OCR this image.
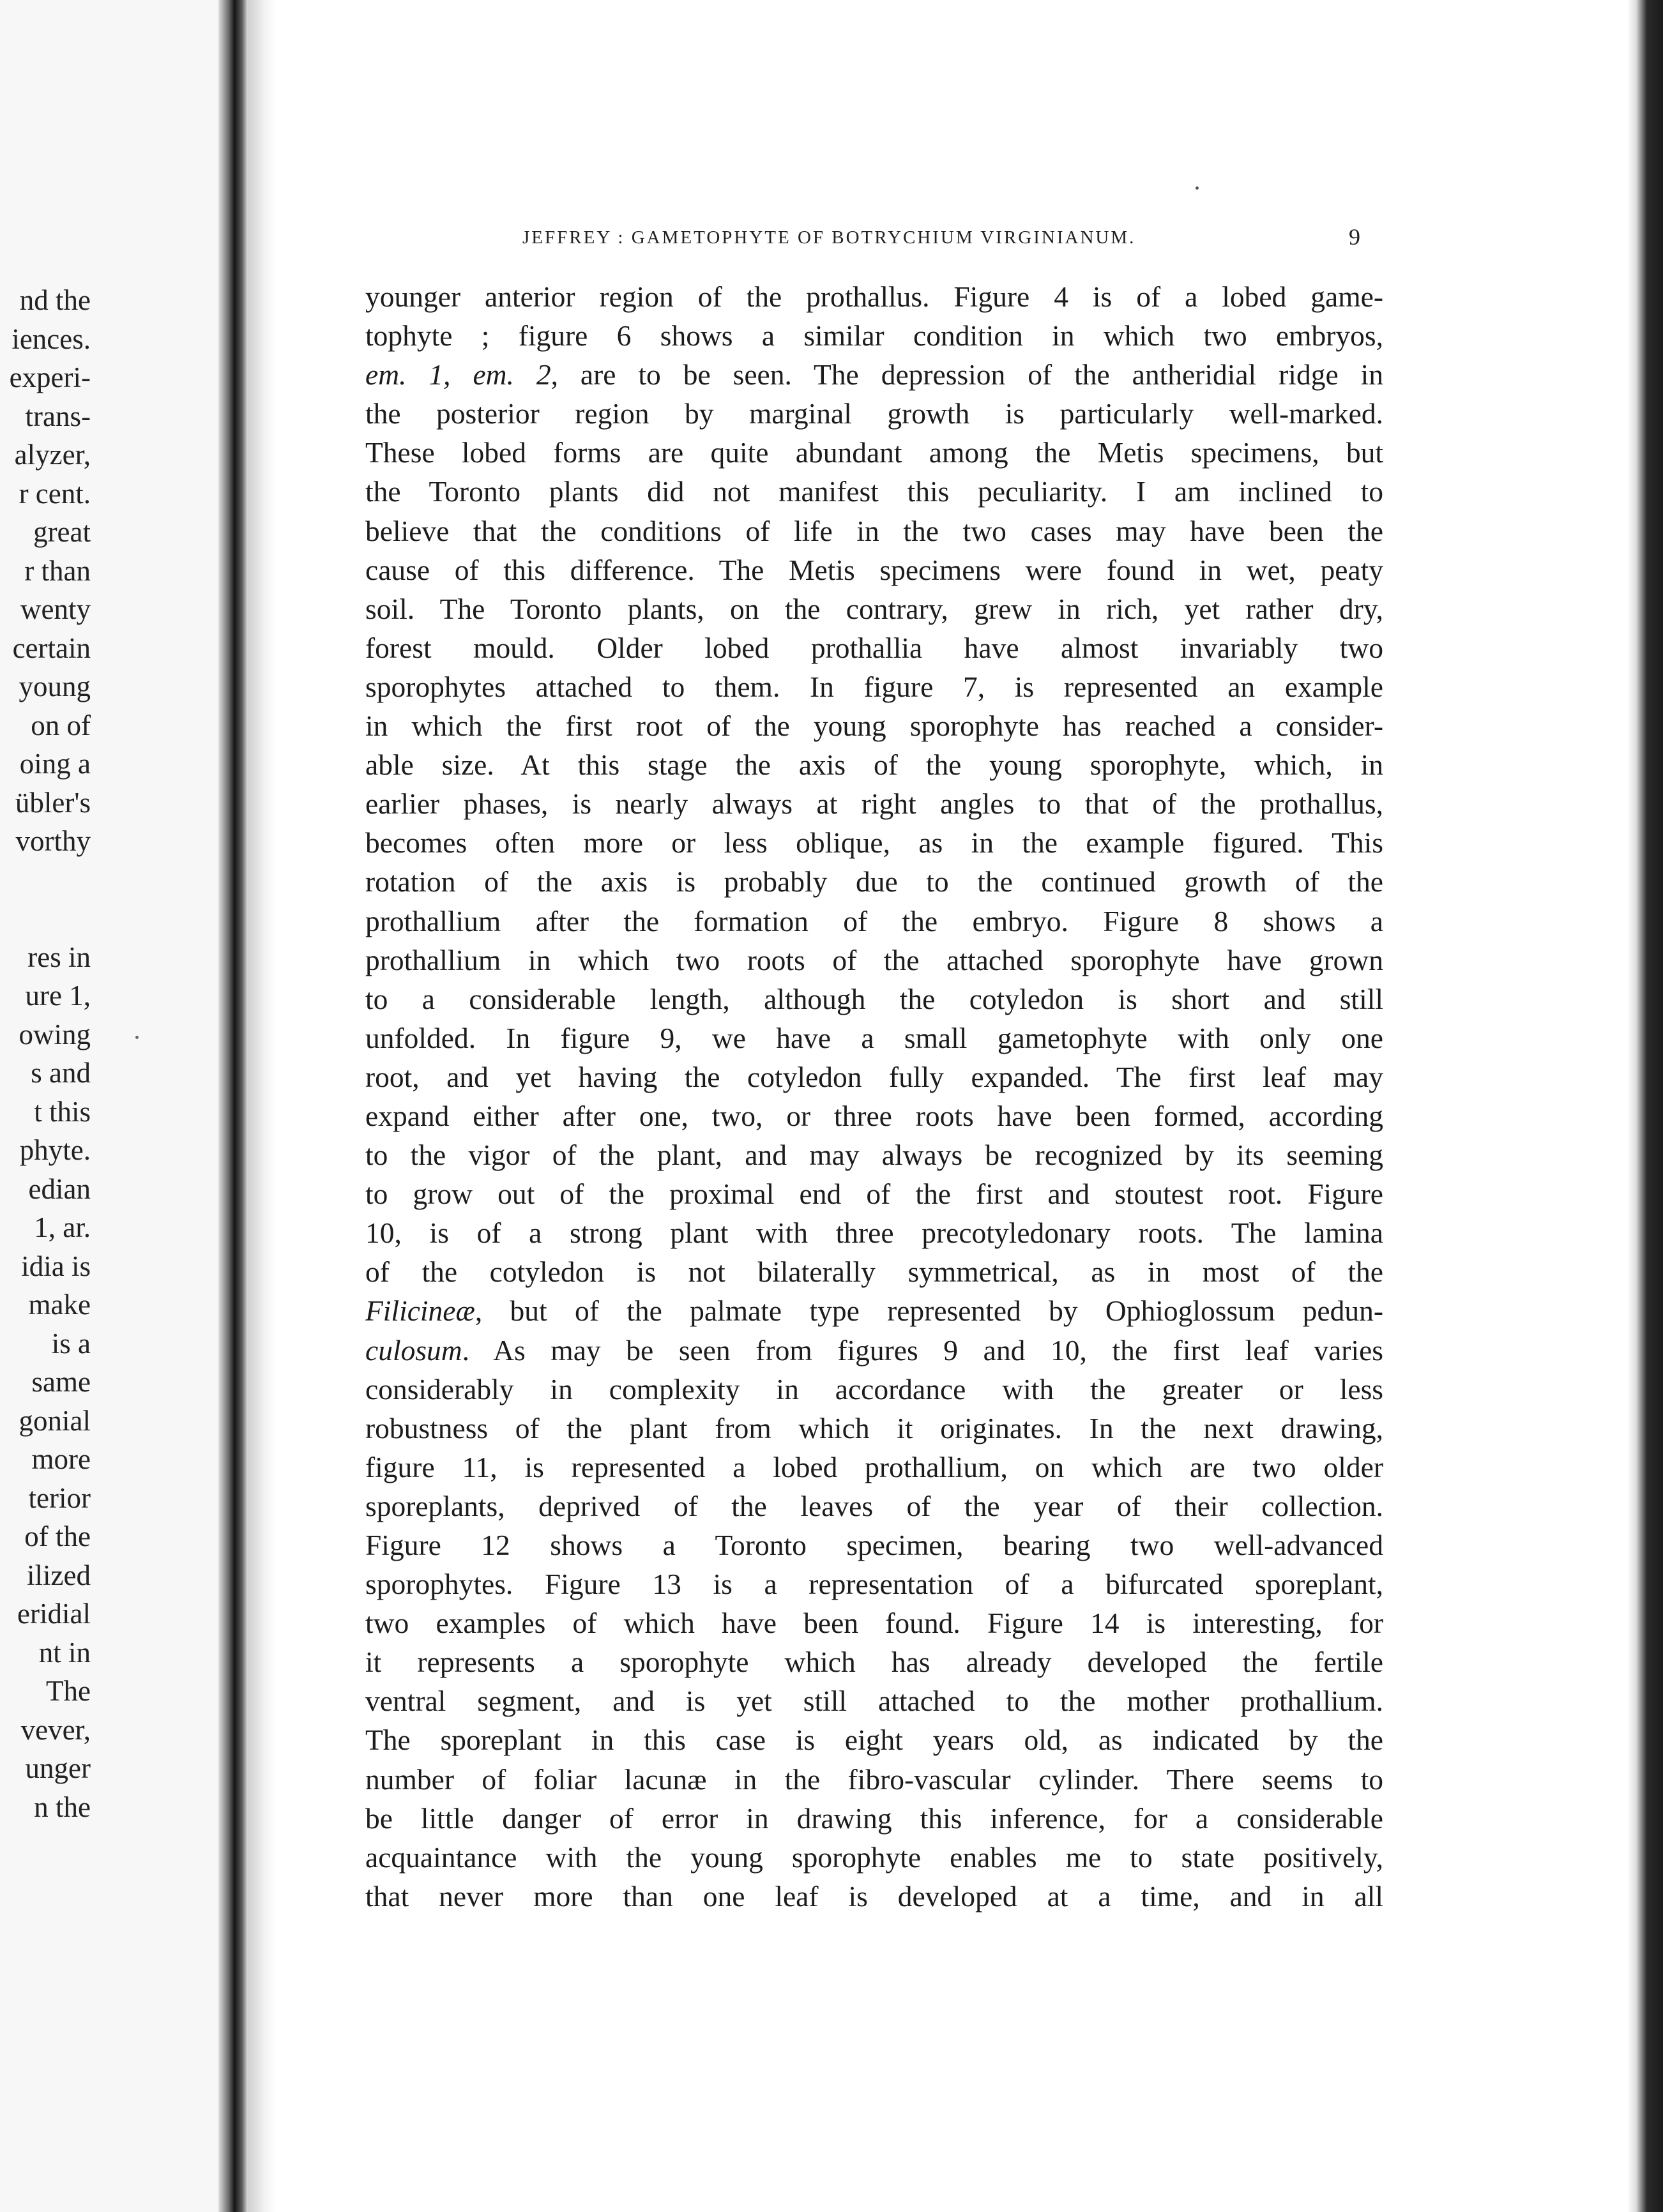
nd the
iences.
experi-
trans-
alyzer,
r cent.
great
r than
wenty
certain
young
on of
oing a
übler's
vorthy
res in
ure 1,
owing
s and
t this
phyte.
edian
1, ar.
idia is
make
is a
same
gonial
more
terior
of the
ilized
eridial
nt in
The
vever,
unger
n the
JEFFREY : GAMETOPHYTE OF BOTRYCHIUM VIRGINIANUM.	9
younger anterior region of the prothallus. Figure 4 is of a lobed game-
tophyte ; figure 6 shows a similar condition in which two embryos,
em. 1, em. 2, are to be seen. The depression of the antheridial ridge in
the posterior region by marginal growth is particularly well-marked.
These lobed forms are quite abundant among the Metis specimens, but
the Toronto plants did not manifest this peculiarity. I am inclined to
believe that the conditions of life in the two cases may have been the
cause of this difference. The Metis specimens were found in wet, peaty
soil. The Toronto plants, on the contrary, grew in rich, yet rather dry,
forest mould. Older lobed prothallia have almost invariably two
sporophytes attached to them. In figure 7, is represented an example
in which the first root of the young sporophyte has reached a consider-
able size. At this stage the axis of the young sporophyte, which, in
earlier phases, is nearly always at right angles to that of the prothallus,
becomes often more or less oblique, as in the example figured. This
rotation of the axis is probably due to the continued growth of the
prothallium after the formation of the embryo. Figure 8 shows a
prothallium in which two roots of the attached sporophyte have grown
to a considerable length, although the cotyledon is short and still
unfolded. In figure 9, we have a small gametophyte with only one
root, and yet having the cotyledon fully expanded. The first leaf may
expand either after one, two, or three roots have been formed, according
to the vigor of the plant, and may always be recognized by its seeming
to grow out of the proximal end of the first and stoutest root. Figure
10, is of a strong plant with three precotyledonary roots. The lamina
of the cotyledon is not bilaterally symmetrical, as in most of the
Filicineæ, but of the palmate type represented by Ophioglossum pedun-
culosum. As may be seen from figures 9 and 10, the first leaf varies
considerably in complexity in accordance with the greater or less
robustness of the plant from which it originates. In the next drawing,
figure 11, is represented a lobed prothallium, on which are two older
sporeplants, deprived of the leaves of the year of their collection.
Figure 12 shows a Toronto specimen, bearing two well-advanced
sporophytes. Figure 13 is a representation of a bifurcated sporeplant,
two examples of which have been found. Figure 14 is interesting, for
it represents a sporophyte which has already developed the fertile
ventral segment, and is yet still attached to the mother prothallium.
The sporeplant in this case is eight years old, as indicated by the
number of foliar lacunæ in the fibro-vascular cylinder. There seems to
be little danger of error in drawing this inference, for a considerable
acquaintance with the young sporophyte enables me to state positively,
that never more than one leaf is developed at a time, and in all
